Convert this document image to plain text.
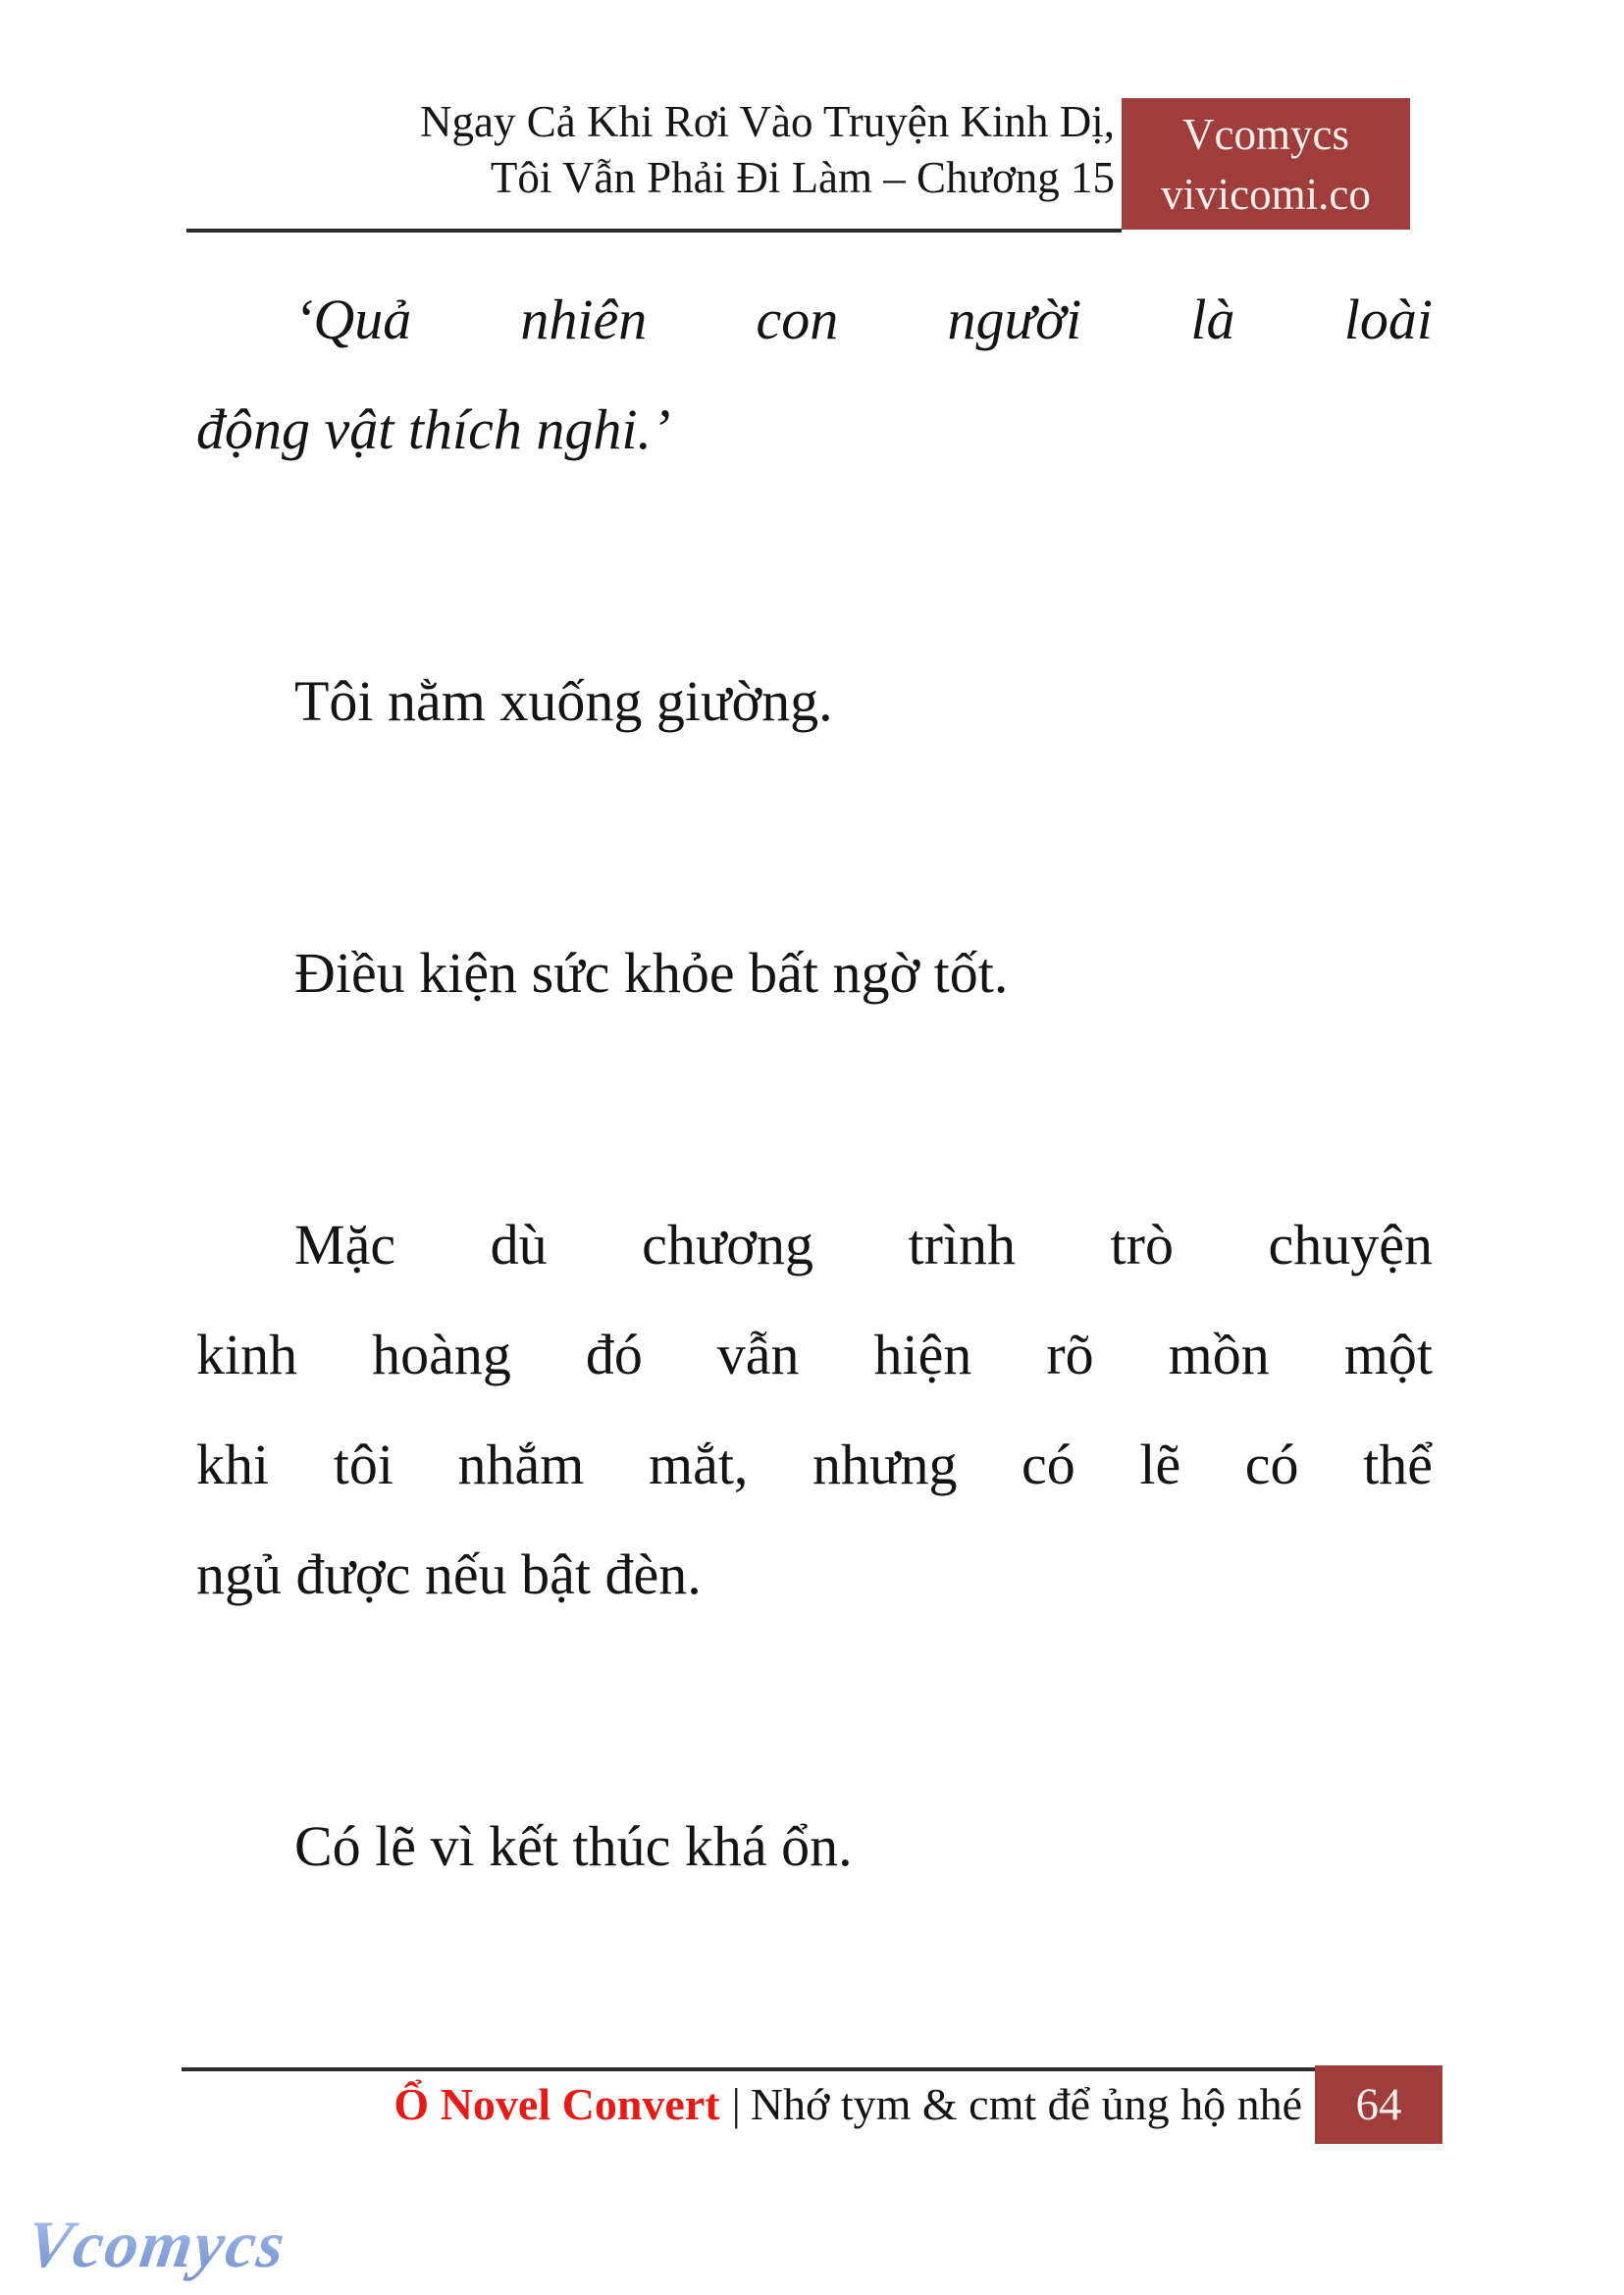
Ngay Cả Khi Rơi Vào Truyện Kinh Dị,
Tôi Vẫn Phải Đi Làm – Chương 15
Vcomycs
vivicomi.co
‘Quả nhiên con người là loài
động vật thích nghi.’
Tôi nằm xuống giường.
Điều kiện sức khỏe bất ngờ tốt.
Mặc dù chương trình trò chuyện
kinh hoàng đó vẫn hiện rõ mồn một
khi tôi nhắm mắt, nhưng có lẽ có thể
ngủ được nếu bật đèn.
Có lẽ vì kết thúc khá ổn.
Ổ Novel Convert | Nhớ tym & cmt để ủng hộ nhé	64
Vcomycs
